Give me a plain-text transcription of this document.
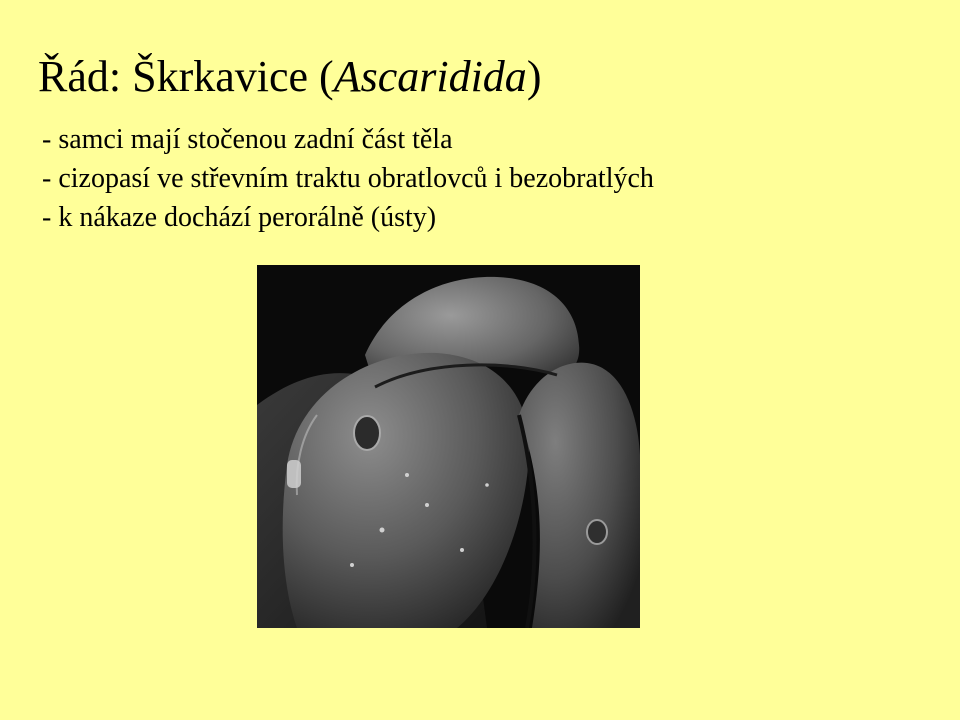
Řád: Škrkavice (Ascaridida)
- samci mají stočenou zadní část těla
- cizopasí ve střevním traktu obratlovců i bezobratlých
- k nákaze dochází perorálně (ústy)
